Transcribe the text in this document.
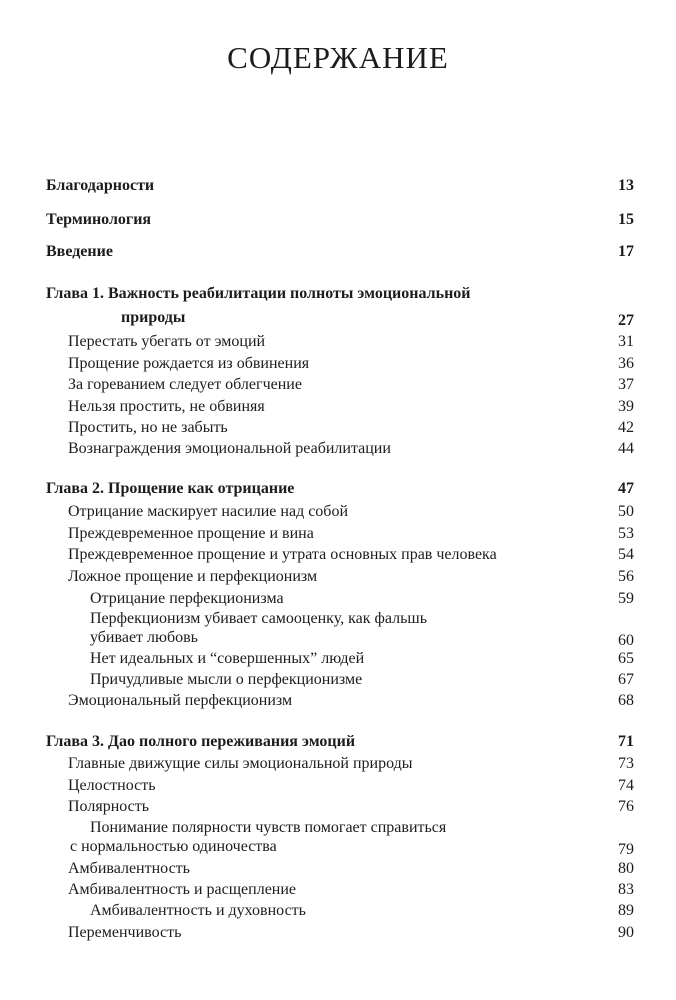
СОДЕРЖАНИЕ
Благодарности	13
Терминология	15
Введение	17
Глава 1. Важность реабилитации полноты эмоциональной
природы	27
Перестать убегать от эмоций	31
Прощение рождается из обвинения	36
За горeванием следует облегчение	37
Нельзя простить, не обвиняя	39
Простить, но не забыть	42
Вознаграждения эмоциональной реабилитации	44
Глава 2. Прощение как отрицание	47
Отрицание маскирует насилие над собой	50
Преждевременное прощение и вина	53
Преждевременное прощение и утрата основных прав человека	54
Ложное прощение и перфекционизм	56
Отрицание перфекционизма	59
Перфекционизм убивает самооценку, как фальшь
убивает любовь	60
Нет идеальных и “совершенных” людей	65
Причудливые мысли о перфекционизме	67
Эмоциональный перфекционизм	68
Глава 3. Дао полного переживания эмоций	71
Главные движущие силы эмоциональной природы	73
Целостность	74
Полярность	76
Понимание полярности чувств помогает справиться
с нормальностью одиночества	79
Амбивалентность	80
Амбивалентность и расщепление	83
Амбивалентность и духовность	89
Переменчивость	90
